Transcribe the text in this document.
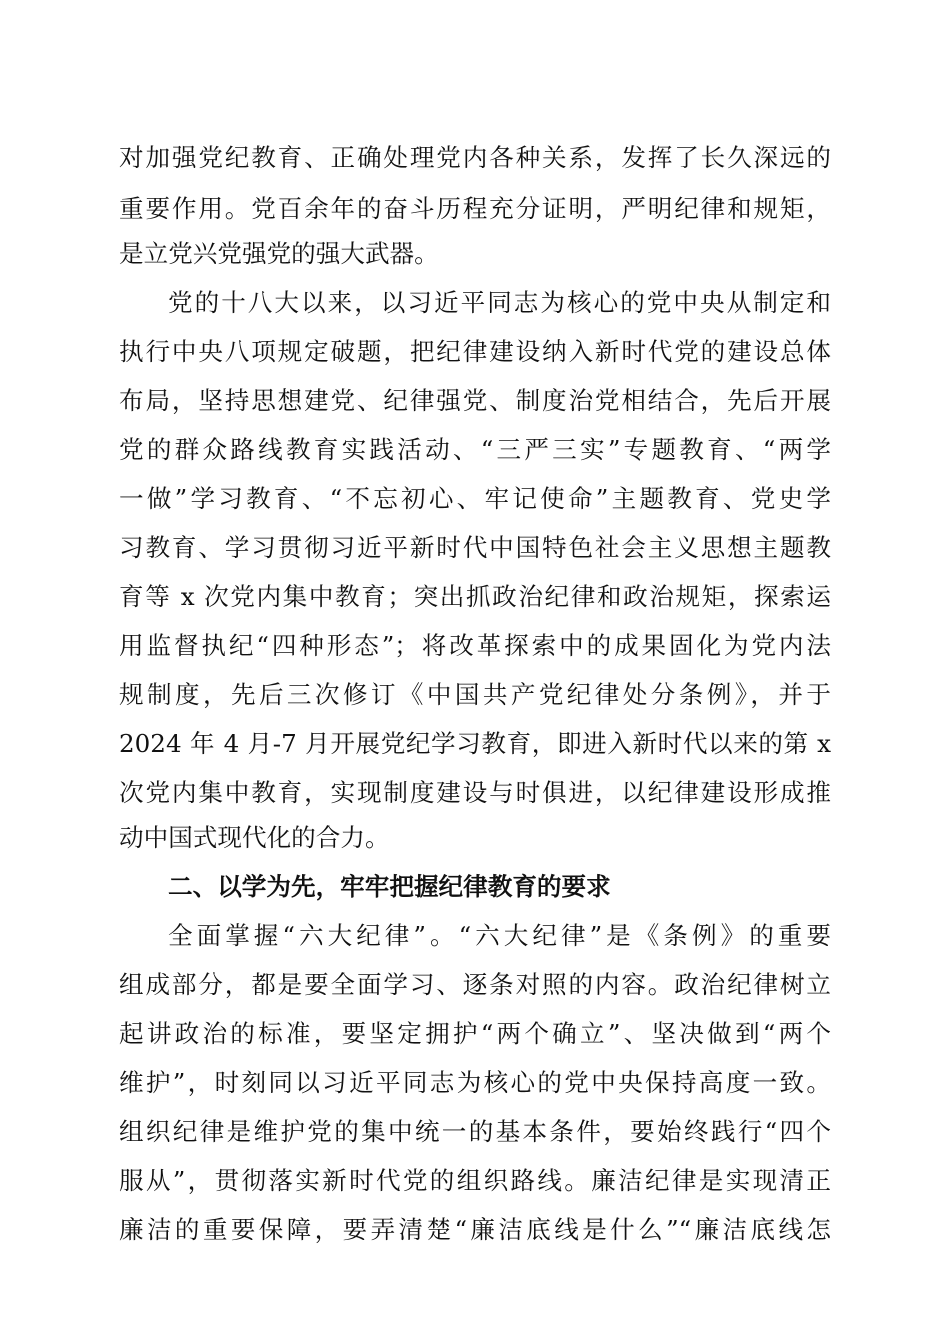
对加强党纪教育、正确处理党内各种关系，发挥了长久深远的
重要作用。党百余年的奋斗历程充分证明，严明纪律和规矩，
是立党兴党强党的强大武器。
党的十八大以来，以习近平同志为核心的党中央从制定和
执行中央八项规定破题，把纪律建设纳入新时代党的建设总体
布局，坚持思想建党、纪律强党、制度治党相结合，先后开展
党的群众路线教育实践活动、“三严三实”专题教育、“两学
一做”学习教育、“不忘初心、牢记使命”主题教育、党史学
习教育、学习贯彻习近平新时代中国特色社会主义思想主题教
育等 x 次党内集中教育；突出抓政治纪律和政治规矩，探索运
用监督执纪“四种形态”；将改革探索中的成果固化为党内法
规制度，先后三次修订《中国共产党纪律处分条例》，并于
2024 年 4 月-7 月开展党纪学习教育，即进入新时代以来的第 x
次党内集中教育，实现制度建设与时俱进，以纪律建设形成推
动中国式现代化的合力。
二、以学为先，牢牢把握纪律教育的要求
全面掌握“六大纪律”。“六大纪律”是《条例》的重要
组成部分，都是要全面学习、逐条对照的内容。政治纪律树立
起讲政治的标准，要坚定拥护“两个确立”、坚决做到“两个
维护”，时刻同以习近平同志为核心的党中央保持高度一致。
组织纪律是维护党的集中统一的基本条件，要始终践行“四个
服从”，贯彻落实新时代党的组织路线。廉洁纪律是实现清正
廉洁的重要保障，要弄清楚“廉洁底线是什么”“廉洁底线怎
